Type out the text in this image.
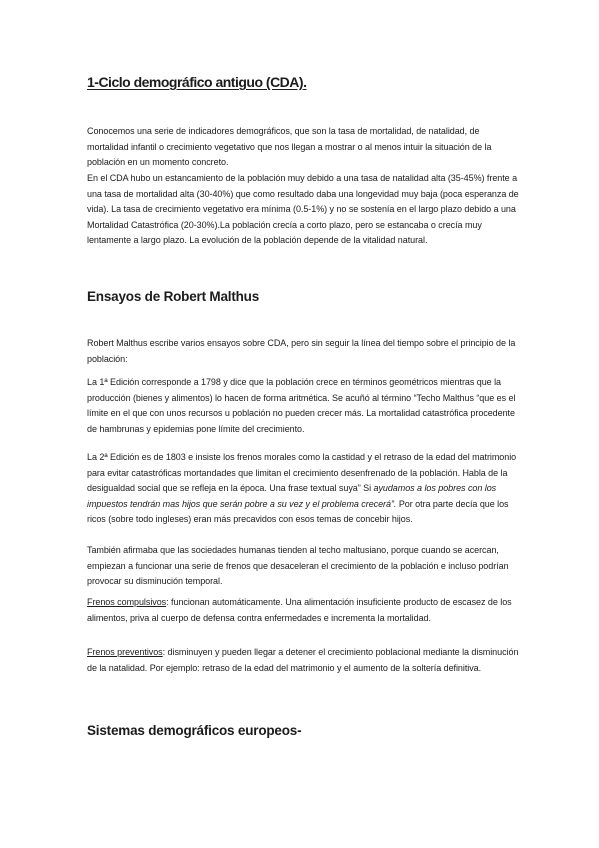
1-Ciclo demográfico antiguo (CDA).

Conocemos una serie de indicadores demográficos, que son la tasa de mortalidad, de natalidad, de mortalidad infantil o crecimiento vegetativo que nos llegan a mostrar o al menos intuir la situación de la población en un momento concreto.

En el CDA hubo un estancamiento de la población muy debido a una tasa de natalidad alta (35-45%) frente a una tasa de mortalidad alta (30-40%) que como resultado daba una longevidad muy baja (poca esperanza de vida). La tasa de crecimiento vegetativo era mínima (0.5-1%) y no se sostenía en el largo plazo debido a una Mortalidad Catastrófica (20-30%).La población crecía a corto plazo, pero se estancaba o crecía muy lentamente a largo plazo. La evolución de la población depende de la vitalidad natural.

Ensayos de Robert Malthus

Robert Malthus escribe varios ensayos sobre CDA, pero sin seguir la línea del tiempo sobre el principio de la población:

La 1ª Edición corresponde a 1798 y dice que la población crece en términos geométricos mientras que la producción (bienes y alimentos) lo hacen de forma aritmética. Se acuñó al término “Techo Malthus “que es el límite en el que con unos recursos u población no pueden crecer más. La mortalidad catastrófica procedente de hambrunas y epidemias pone límite del crecimiento.

La 2ª Edición es de 1803 e insiste los frenos morales como la castidad y el retraso de la edad del matrimonio para evitar catastróficas mortandades que limitan el crecimiento desenfrenado de la población. Habla de la desigualdad social que se refleja en la época. Una frase textual suya” Si ayudamos a los pobres con los impuestos tendrán mas hijos que serán pobre a su vez y el problema crecerá”. Por otra parte decía que los ricos (sobre todo ingleses) eran más precavidos con esos temas de concebir hijos.

También afirmaba que las sociedades humanas tienden al techo maltusiano, porque cuando se acercan, empiezan a funcionar una serie de frenos que desaceleran el crecimiento de la población e incluso podrían provocar su disminución temporal.

Frenos compulsivos: funcionan automáticamente. Una alimentación insuficiente producto de escasez de los alimentos, priva al cuerpo de defensa contra enfermedades e incrementa la mortalidad.

Frenos preventivos: disminuyen y pueden llegar a detener el crecimiento poblacional mediante la disminución de la natalidad. Por ejemplo: retraso de la edad del matrimonio y el aumento de la soltería definitiva.

Sistemas demográficos europeos-
